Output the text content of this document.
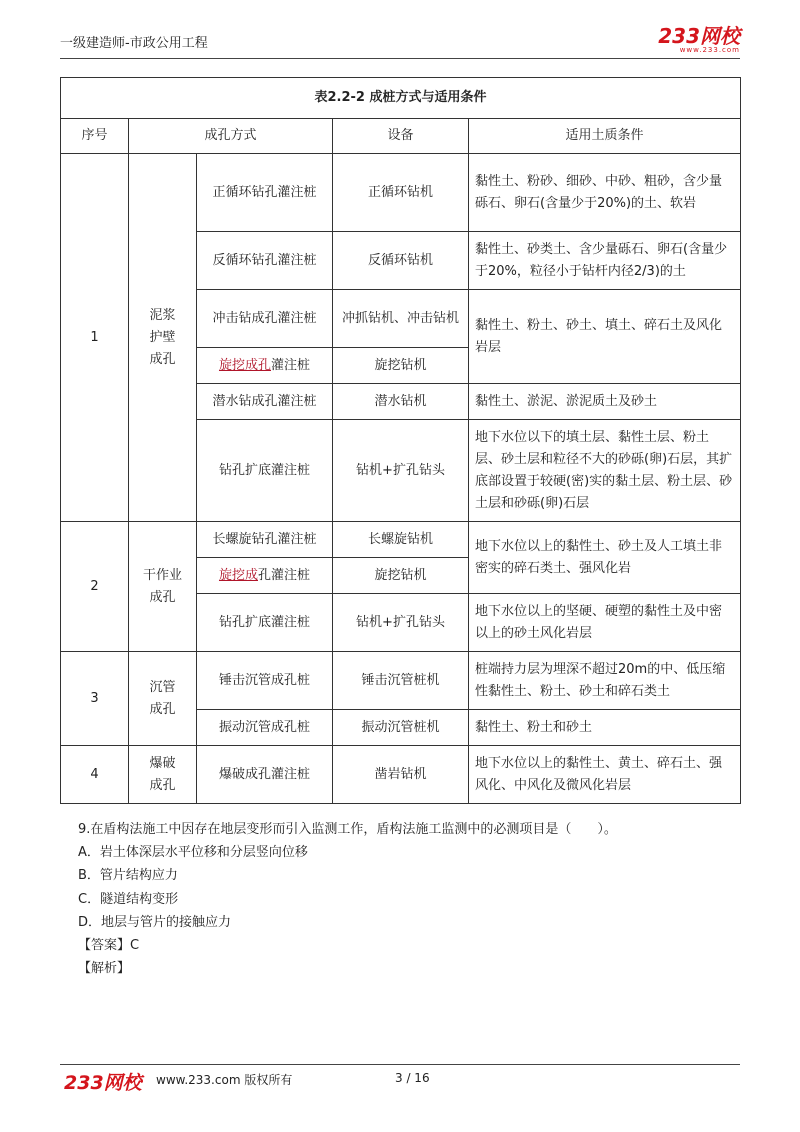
一级建造师-市政公用工程	233网校
www.233.com
表2.2-2 成桩方式与适用条件				
序号	成孔方式		设备	适用土质条件
1	泥浆护壁成孔	正循环钻孔灌注桩	正循环钻机	黏性土、粉砂、细砂、中砂、粗砂，含少量砾石、卵石(含量少于20%)的土、软岩
		反循环钻孔灌注桩	反循环钻机	黏性土、砂类土、含少量砾石、卵石(含量少于20%，粒径小于钻杆内径2/3)的土
		冲击钻成孔灌注桩	冲抓钻机、冲击钻机	黏性土、粉土、砂土、填土、碎石土及风化岩层
		旋挖成孔灌注桩	旋挖钻机	
		潜水钻成孔灌注桩	潜水钻机	黏性土、淤泥、淤泥质土及砂土
		钻孔扩底灌注桩	钻机+扩孔钻头	地下水位以下的填土层、黏性土层、粉土层、砂土层和粒径不大的砂砾(卵)石层，其扩底部设置于较硬(密)实的黏土层、粉土层、砂土层和砂砾(卵)石层
2	干作业成孔	长螺旋钻孔灌注桩	长螺旋钻机	地下水位以上的黏性土、砂土及人工填土非密实的碎石类土、强风化岩
		旋挖成孔灌注桩	旋挖钻机	
		钻孔扩底灌注桩	钻机+扩孔钻头	地下水位以上的坚硬、硬塑的黏性土及中密以上的砂土风化岩层
3	沉管成孔	锤击沉管成孔桩	锤击沉管桩机	桩端持力层为埋深不超过20m的中、低压缩性黏性土、粉土、砂土和碎石类土
		振动沉管成孔桩	振动沉管桩机	黏性土、粉土和砂土
4	爆破成孔	爆破成孔灌注桩	凿岩钻机	地下水位以上的黏性土、黄土、碎石土、强风化、中风化及微风化岩层
9.在盾构法施工中因存在地层变形而引入监测工作，盾构法施工监测中的必测项目是（　　）。
A．岩土体深层水平位移和分层竖向位移
B．管片结构应力
C．隧道结构变形
D．地层与管片的接触应力
【答案】C
【解析】
233网校 www.233.com 版权所有	3 / 16
